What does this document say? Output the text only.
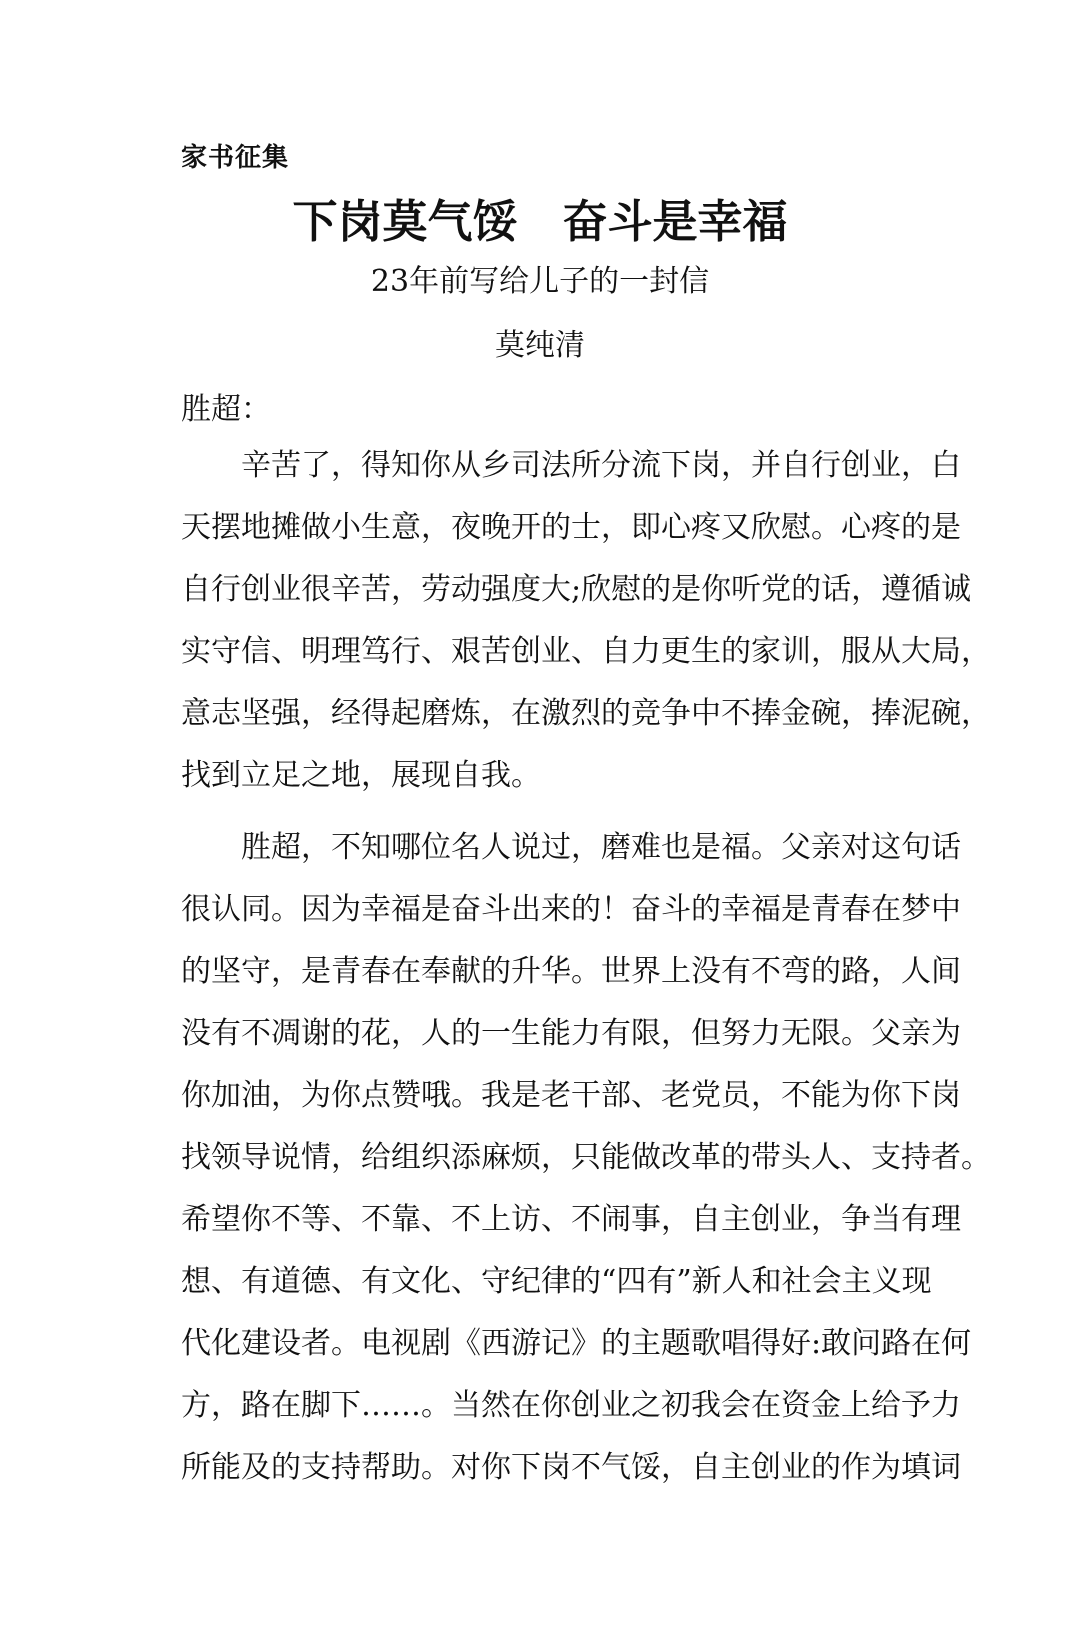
家书征集
下岗莫气馁　奋斗是幸福
23年前写给儿子的一封信
莫纯清
胜超：
辛苦了，得知你从乡司法所分流下岗，并自行创业，白
天摆地摊做小生意，夜晚开的士，即心疼又欣慰。心疼的是
自行创业很辛苦，劳动强度大;欣慰的是你听党的话，遵循诚
实守信、明理笃行、艰苦创业、自力更生的家训，服从大局，
意志坚强，经得起磨炼，在激烈的竞争中不捧金碗，捧泥碗，
找到立足之地，展现自我。
胜超，不知哪位名人说过，磨难也是福。父亲对这句话
很认同。因为幸福是奋斗出来的！奋斗的幸福是青春在梦中
的坚守，是青春在奉献的升华。世界上没有不弯的路，人间
没有不凋谢的花，人的一生能力有限，但努力无限。父亲为
你加油，为你点赞哦。我是老干部、老党员，不能为你下岗
找领导说情，给组织添麻烦，只能做改革的带头人、支持者。
希望你不等、不靠、不上访、不闹事，自主创业，争当有理
想、有道德、有文化、守纪律的“四有”新人和社会主义现
代化建设者。电视剧《西游记》的主题歌唱得好:敢问路在何
方，路在脚下……。当然在你创业之初我会在资金上给予力
所能及的支持帮助。对你下岗不气馁，自主创业的作为填词
